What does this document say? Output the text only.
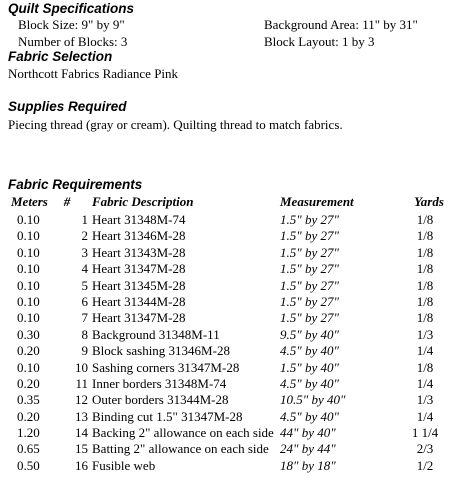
Quilt Specifications
Block Size: 9" by 9"
Number of Blocks: 3
Background Area: 11" by 31"
Block Layout: 1 by 3
Fabric Selection
Northcott Fabrics Radiance Pink
Supplies Required
Piecing thread (gray or cream). Quilting thread to match fabrics.
Fabric Requirements
Meters	#	Fabric Description	Measurement	Yards
0.10	1 Heart 31348M-74	1.5" by 27"	1/8
0.10	2 Heart 31346M-28	1.5" by 27"	1/8
0.10	3 Heart 31343M-28	1.5" by 27"	1/8
0.10	4 Heart 31347M-28	1.5" by 27"	1/8
0.10	5 Heart 31345M-28	1.5" by 27"	1/8
0.10	6 Heart 31344M-28	1.5" by 27"	1/8
0.10	7 Heart 31347M-28	1.5" by 27"	1/8
0.30	8 Background 31348M-11	9.5" by 40"	1/3
0.20	9 Block sashing 31346M-28	4.5" by 40"	1/4
0.10	10 Sashing corners 31347M-28	1.5" by 40"	1/8
0.20	11 Inner borders 31348M-74	4.5" by 40"	1/4
0.35	12 Outer borders 31344M-28	10.5" by 40"	1/3
0.20	13 Binding cut 1.5" 31347M-28	4.5" by 40"	1/4
1.20	14 Backing 2" allowance on each side 44" by 40"	1 1/4
0.65	15 Batting 2" allowance on each side 24" by 44"	2/3
0.50	16 Fusible web	18" by 18"	1/2
